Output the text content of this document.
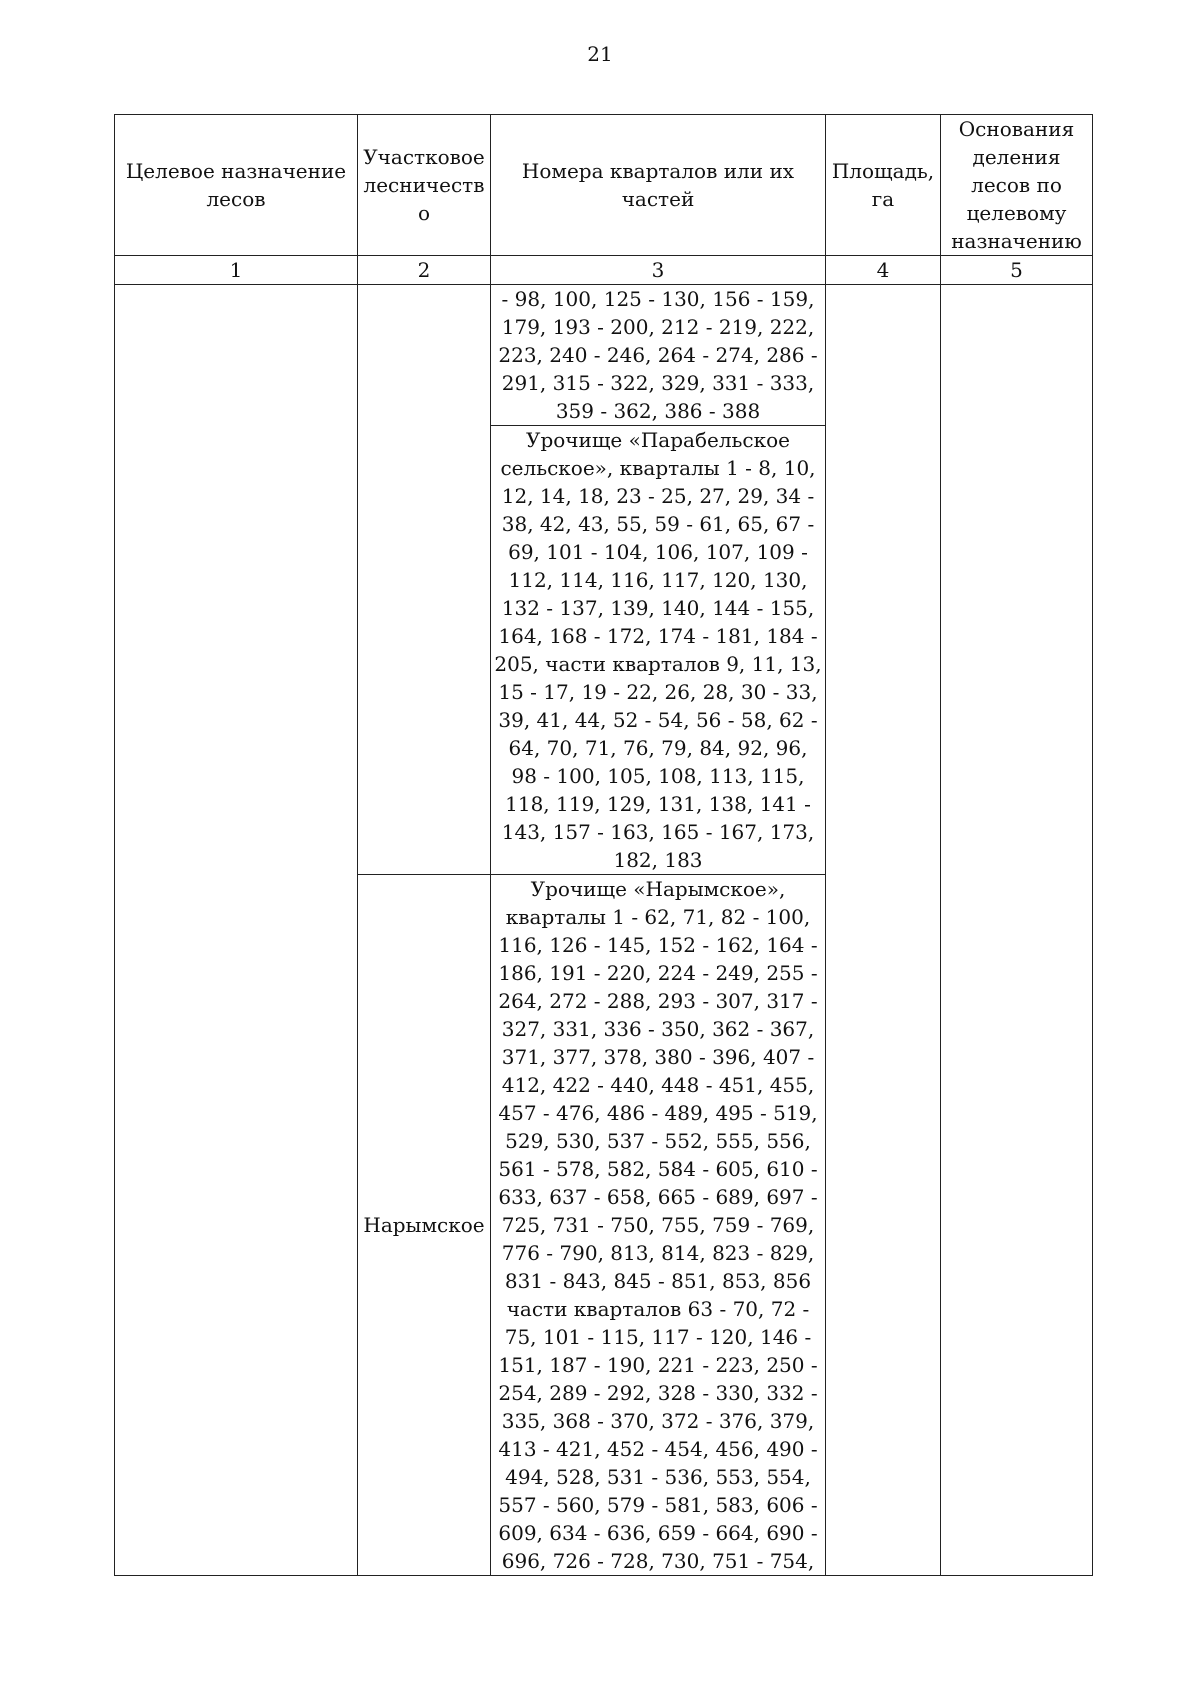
21
Целевое назначение лесов	Участковое лесничество	Номера кварталов или их частей	Площадь, га	Основания деления лесов по целевому назначению
1	2	3	4	5
		- 98, 100, 125 - 130, 156 - 159, 179, 193 - 200, 212 - 219, 222, 223, 240 - 246, 264 - 274, 286 - 291, 315 - 322, 329, 331 - 333, 359 - 362, 386 - 388		
		Урочище «Парабельское сельское», кварталы 1 - 8, 10, 12, 14, 18, 23 - 25, 27, 29, 34 - 38, 42, 43, 55, 59 - 61, 65, 67 - 69, 101 - 104, 106, 107, 109 - 112, 114, 116, 117, 120, 130, 132 - 137, 139, 140, 144 - 155, 164, 168 - 172, 174 - 181, 184 - 205, части кварталов 9, 11, 13, 15 - 17, 19 - 22, 26, 28, 30 - 33, 39, 41, 44, 52 - 54, 56 - 58, 62 - 64, 70, 71, 76, 79, 84, 92, 96, 98 - 100, 105, 108, 113, 115, 118, 119, 129, 131, 138, 141 - 143, 157 - 163, 165 - 167, 173, 182, 183		
	Нарымское	Урочище «Нарымское», кварталы 1 - 62, 71, 82 - 100, 116, 126 - 145, 152 - 162, 164 - 186, 191 - 220, 224 - 249, 255 - 264, 272 - 288, 293 - 307, 317 - 327, 331, 336 - 350, 362 - 367, 371, 377, 378, 380 - 396, 407 - 412, 422 - 440, 448 - 451, 455, 457 - 476, 486 - 489, 495 - 519, 529, 530, 537 - 552, 555, 556, 561 - 578, 582, 584 - 605, 610 - 633, 637 - 658, 665 - 689, 697 - 725, 731 - 750, 755, 759 - 769, 776 - 790, 813, 814, 823 - 829, 831 - 843, 845 - 851, 853, 856 части кварталов 63 - 70, 72 - 75, 101 - 115, 117 - 120, 146 - 151, 187 - 190, 221 - 223, 250 - 254, 289 - 292, 328 - 330, 332 - 335, 368 - 370, 372 - 376, 379, 413 - 421, 452 - 454, 456, 490 - 494, 528, 531 - 536, 553, 554, 557 - 560, 579 - 581, 583, 606 - 609, 634 - 636, 659 - 664, 690 - 696, 726 - 728, 730, 751 - 754,		
